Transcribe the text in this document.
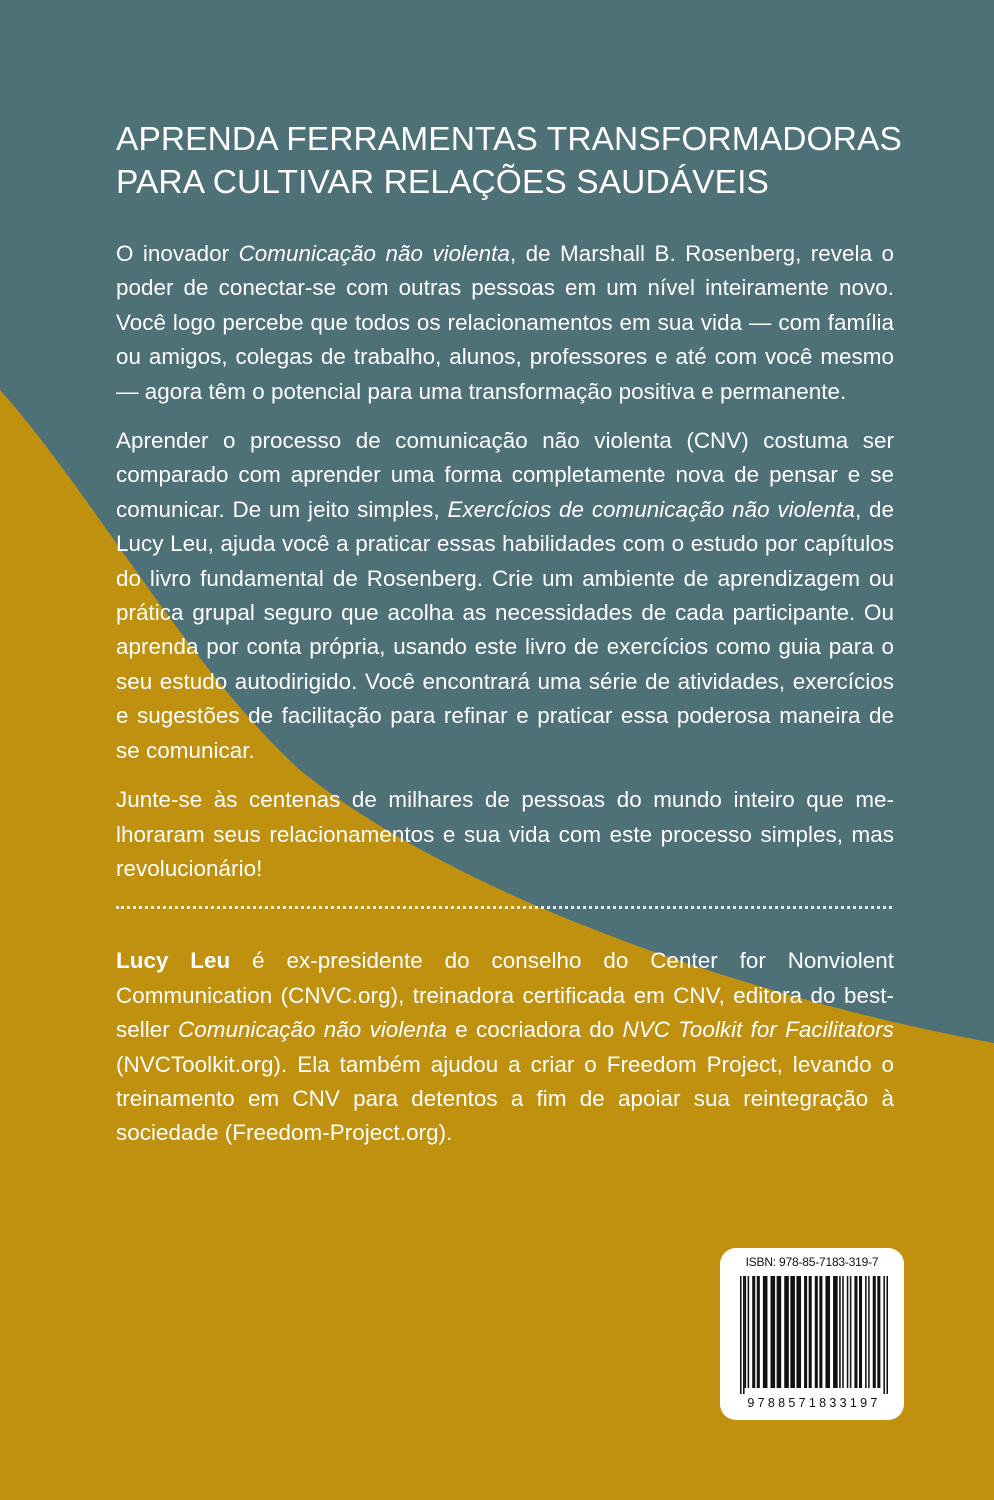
APRENDA FERRAMENTAS TRANSFORMADORAS
PARA CULTIVAR RELAÇÕES SAUDÁVEIS

O inovador Comunicação não violenta, de Marshall B. Rosenberg, revela o poder de conectar-se com outras pessoas em um nível inteiramente novo. Você logo percebe que todos os relacionamentos em sua vida — com família ou amigos, colegas de trabalho, alunos, professores e até com você mesmo — agora têm o potencial para uma transformação positiva e permanente.

Aprender o processo de comunicação não violenta (CNV) costuma ser comparado com aprender uma forma completamente nova de pensar e se comunicar. De um jeito simples, Exercícios de comunicação não violenta, de Lucy Leu, ajuda você a praticar essas habilidades com o estudo por capítulos do livro fundamental de Rosenberg. Crie um ambiente de aprendizagem ou prática grupal seguro que acolha as necessidades de cada participante. Ou aprenda por conta própria, usando este livro de exercícios como guia para o seu estudo autodirigido. Você encontrará uma série de atividades, exercícios e sugestões de facilitação para refinar e praticar essa poderosa maneira de se comunicar.

Junte-se às centenas de milhares de pessoas do mundo inteiro que melhoraram seus relacionamentos e sua vida com este processo simples, mas revolucionário!

Lucy Leu é ex-presidente do conselho do Center for Nonviolent Communication (CNVC.org), treinadora certificada em CNV, editora do best-seller Comunicação não violenta e cocriadora do NVC Toolkit for Facilitators (NVCToolkit.org). Ela também ajudou a criar o Freedom Project, levando o treinamento em CNV para detentos a fim de apoiar sua reintegração à sociedade (Freedom-Project.org).

ISBN: 978-85-7183-319-7
9788571833197
